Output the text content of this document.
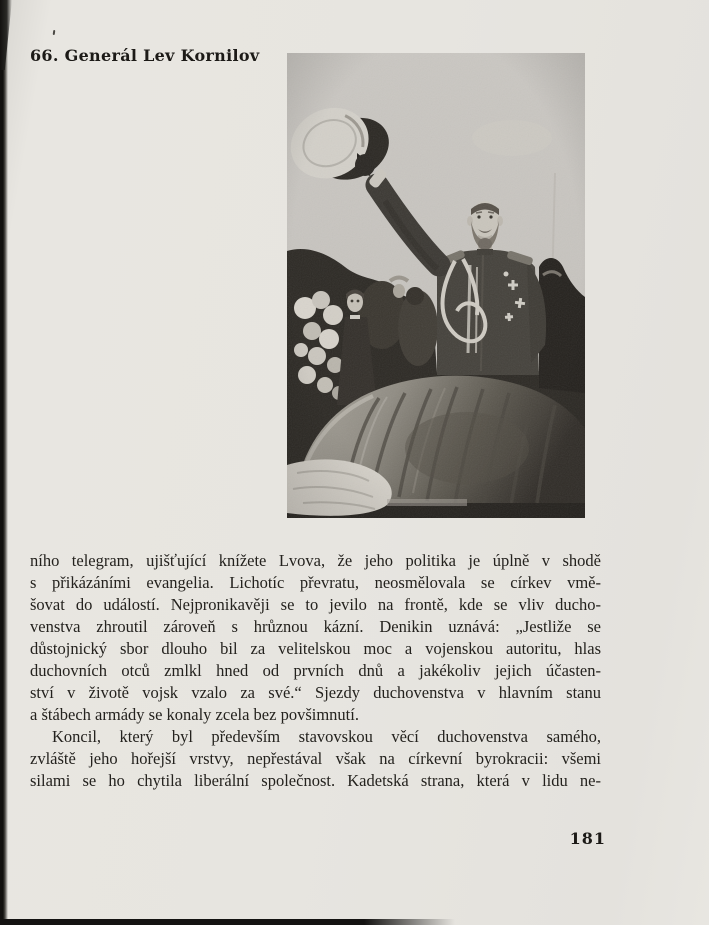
66. Generál Lev Kornilov
ního telegram, ujišťující knížete Lvova, že jeho politika je úplně v shodě
s přikázáními evangelia. Lichotíc převratu, neosmělovala se církev vmě-
šovat do událostí. Nejpronikavěji se to jevilo na frontě, kde se vliv ducho-
venstva zhroutil zároveň s hrůznou kázní. Denikin uznává: „Jestliže se
důstojnický sbor dlouho bil za velitelskou moc a vojenskou autoritu, hlas
duchovních otců zmlkl hned od prvních dnů a jakékoliv jejich účasten-
ství v životě vojsk vzalo za své.“ Sjezdy duchovenstva v hlavním stanu
a štábech armády se konaly zcela bez povšimnutí.
Koncil, který byl především stavovskou věcí duchovenstva samého,
zvláště jeho hořejší vrstvy, nepřestával však na církevní byrokracii: všemi
silami se ho chytila liberální společnost. Kadetská strana, která v lidu ne-
181
